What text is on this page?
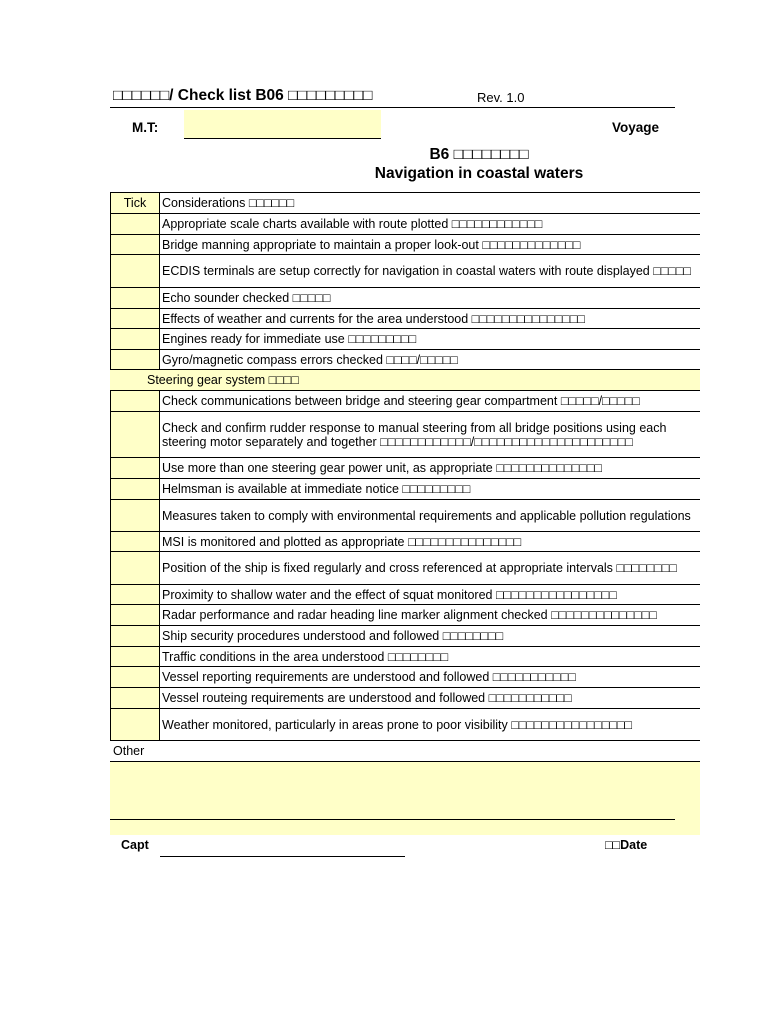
□□□□□□/ Check list B06 □□□□□□□□□	Rev. 1.0
M.T:	Voyage
B6 □□□□□□□□
Navigation in coastal waters
Tick	Considerations □□□□□□
Appropriate scale charts available with route plotted □□□□□□□□□□□□
Bridge manning appropriate to maintain a proper look-out □□□□□□□□□□□□□
ECDIS terminals are setup correctly for navigation in coastal waters with route displayed □□□□□
Echo sounder checked □□□□□
Effects of weather and currents for the area understood □□□□□□□□□□□□□□□
Engines ready for immediate use □□□□□□□□□
Gyro/magnetic compass errors checked □□□□/□□□□□
Steering gear system □□□□
Check communications between bridge and steering gear compartment □□□□□/□□□□□
Check and confirm rudder response to manual steering from all bridge positions using each steering motor separately and together □□□□□□□□□□□□/□□□□□□□□□□□□□□□□□□□□□
Use more than one steering gear power unit, as appropriate □□□□□□□□□□□□□□
Helmsman is available at immediate notice □□□□□□□□□
Measures taken to comply with environmental requirements and applicable pollution regulations
MSI is monitored and plotted as appropriate □□□□□□□□□□□□□□□
Position of the ship is fixed regularly and cross referenced at appropriate intervals □□□□□□□□
Proximity to shallow water and the effect of squat monitored □□□□□□□□□□□□□□□□
Radar performance and radar heading line marker alignment checked □□□□□□□□□□□□□□
Ship security procedures understood and followed □□□□□□□□
Traffic conditions in the area understood □□□□□□□□
Vessel reporting requirements are understood and followed □□□□□□□□□□□
Vessel routeing requirements are understood and followed □□□□□□□□□□□
Weather monitored, particularly in areas prone to poor visibility □□□□□□□□□□□□□□□□
Other
Capt	□□Date
